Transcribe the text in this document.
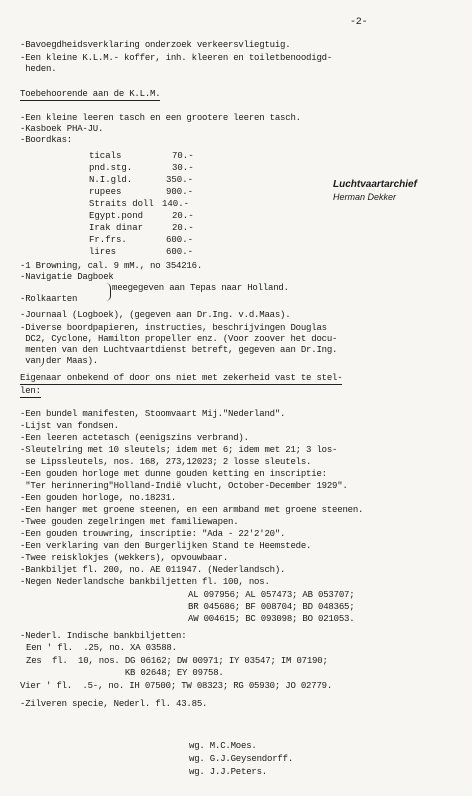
-2-
-Bavoegdheidsverklaring onderzoek verkeersvliegtuig.
-Een kleine K.L.M.- koffer, inh. kleeren en toiletbenoodigd-
heden.
Toebehoorende aan de K.L.M.
-Een kleine leeren tasch en een grootere leeren tasch.
-Kasboek PHA-JU.
-Boordkas:
ticals	70.-
pnd.stg.	30.-
N.I.gld.	350.-
rupees	900.-
Straits doll 140.-
Egypt.pond	20.-
Irak dinar	20.-
Fr.frs.	600.-
lires	600.-
Luchtvaartarchief
Herman Dekker
-1 Browning, cal. 9 mM., no 354216.
-Navigatie Dagboek
meegegeven aan Tepas naar Holland.
-Rolkaarten
-Journaal (Logboek), (gegeven aan Dr.Ing. v.d.Maas).
-Diverse boordpapieren, instructies, beschrijvingen Douglas
DC2, Cyclone, Hamilton propeller enz. (Voor zoover het docu-
menten van den Luchtvaartdienst betreft, gegeven aan Dr.Ing.
van der Maas).
Eigenaar onbekend of door ons niet met zekerheid vast te stel-
len:
-Een bundel manifesten, Stoomvaart Mij."Nederland".
-Lijst van fondsen.
-Een leeren actetasch (eenigszins verbrand).
-Sleutelring met 10 sleutels; idem met 6; idem met 21; 3 los-
se Lipssleutels, nos. 168, 273,12023; 2 losse sleutels.
-Een gouden horloge met dunne gouden ketting en inscriptie:
"Ter herinnering"Holland-Indië vlucht, October-December 1929".
-Een gouden horloge, no.18231.
-Een hanger met groene steenen, en een armband met groene steenen.
-Twee gouden zegelringen met familiewapen.
-Een gouden trouwring, inscriptie: "Ada - 22'2'20".
-Een verklaring van den Burgerlijken Stand te Heemstede.
-Twee reisklokjes (wekkers), opvouwbaar.
-Bankbiljet fl. 200, no. AE 011947. (Nederlandsch).
-Negen Nederlandsche bankbiljetten fl. 100, nos.
AL 097956; AL 057473; AB 053707;
BR 045686; BF 008704; BD 048365;
AW 004615; BC 093098; BO 021053.
-Nederl. Indische bankbiljetten:
Een ' fl.  .25, no. XA 03588.
Zes  fl.  10, nos. DG 06162; DW 00971; IY 03547; IM 07190;
KB 02648; EY 09758.
Vier ' fl.  .5-, no. IH 07500; TW 08323; RG 05930; JO 02779.
-Zilveren specie, Nederl. fl. 43.85.
wg. M.C.Moes.
wg. G.J.Geysendorff.
wg. J.J.Peters.
